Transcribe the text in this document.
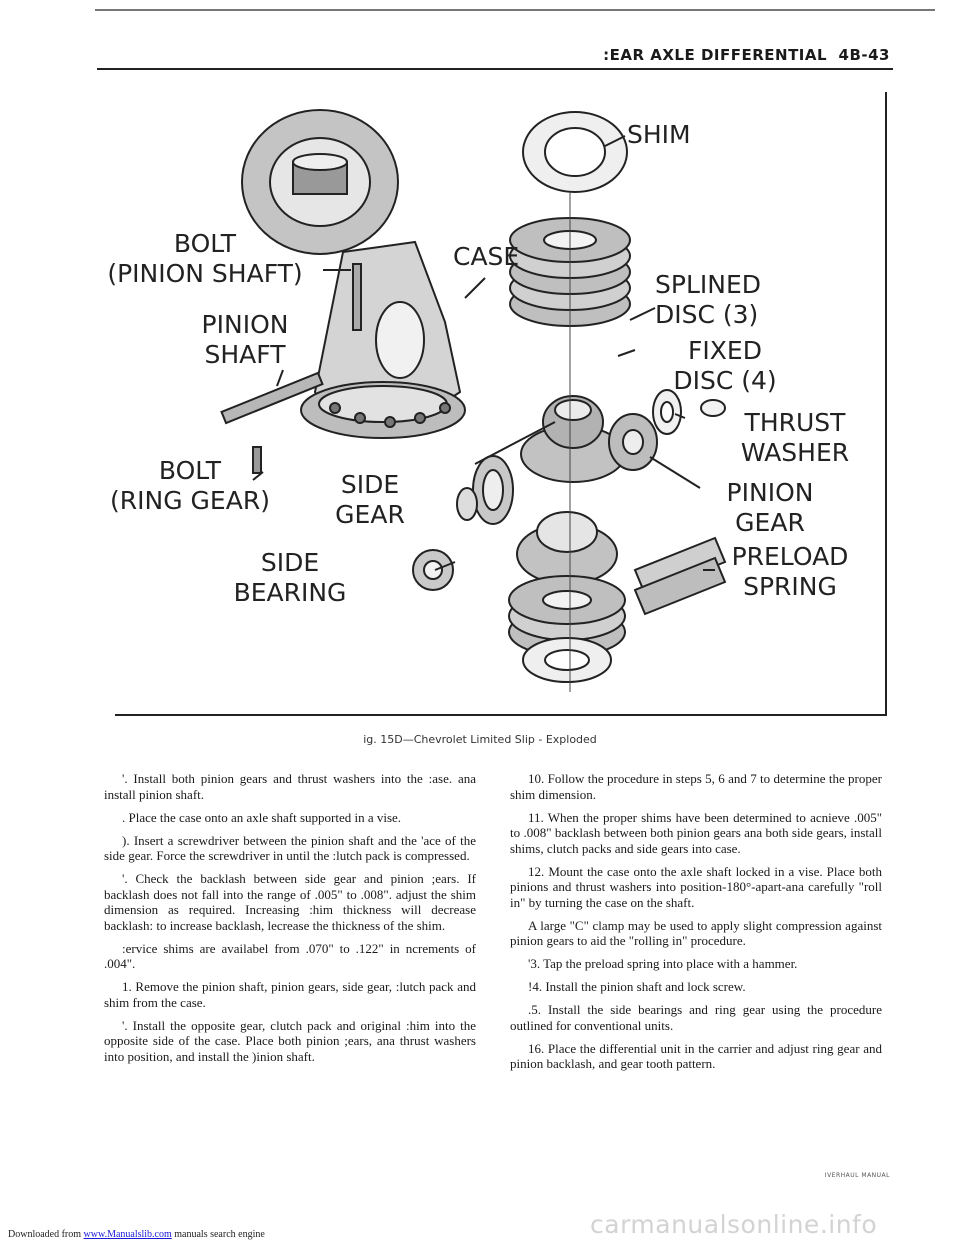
:EAR AXLE DIFFERENTIAL 4B-43
BOLT
(PINION SHAFT)
CASE
PINION
SHAFT
BOLT
(RING GEAR)
SIDE
GEAR
SIDE
BEARING
SHIM
SPLINED
DISC (3)
FIXED
DISC (4)
THRUST
WASHER
PINION
GEAR
PRELOAD
SPRING
ig. 15D—Chevrolet Limited Slip - Exploded

'. Install both pinion gears and thrust washers into the :ase. ana install pinion shaft.

. Place the case onto an axle shaft supported in a vise.

). Insert a screwdriver between the pinion shaft and the 'ace of the side gear. Force the screwdriver in until the :lutch pack is compressed.

'. Check the backlash between side gear and pinion ;ears. If backlash does not fall into the range of .005" to .008". adjust the shim dimension as required. Increasing :him thickness will decrease backlash: to increase backlash, lecrease the thickness of the shim.

:ervice shims are availabel from .070" to .122" in ncrements of .004".

1. Remove the pinion shaft, pinion gears, side gear, :lutch pack and shim from the case.

'. Install the opposite gear, clutch pack and original :him into the opposite side of the case. Place both pinion ;ears, ana thrust washers into position, and install the )inion shaft.

10. Follow the procedure in steps 5, 6 and 7 to determine the proper shim dimension.

11. When the proper shims have been determined to acnieve .005" to .008" backlash between both pinion gears ana both side gears, install shims, clutch packs and side gears into case.

12. Mount the case onto the axle shaft locked in a vise. Place both pinions and thrust washers into position-180°-apart-ana carefully "roll in" by turning the case on the shaft.

A large "C" clamp may be used to apply slight compression against pinion gears to aid the "rolling in" procedure.

'3. Tap the preload spring into place with a hammer.

!4. Install the pinion shaft and lock screw.

.5. Install the side bearings and ring gear using the procedure outlined for conventional units.

16. Place the differential unit in the carrier and adjust ring gear and pinion backlash, and gear tooth pattern.

IVERHAUL MANUAL
carmanualsonline.info
Downloaded from www.Manualslib.com manuals search engine
